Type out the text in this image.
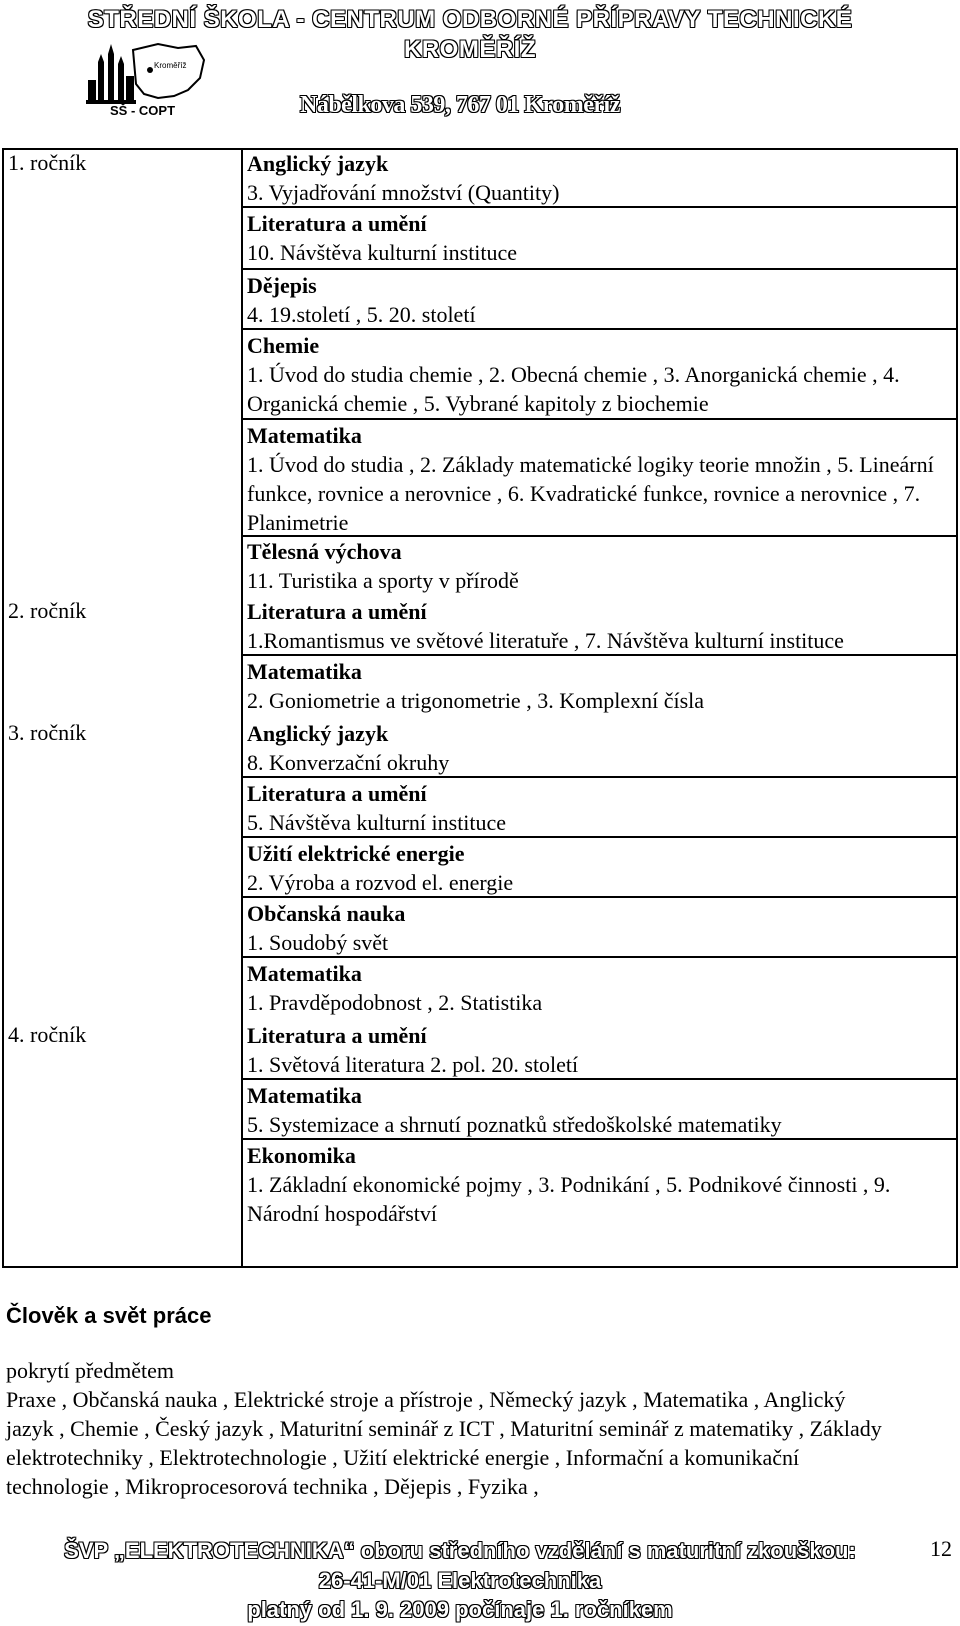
STŘEDNÍ ŠKOLA - CENTRUM ODBORNÉ PŘÍPRAVY TECHNICKÉ
KROMĚŘÍŽ
Kroměříž
SŠ - COPT	Nábělkova 539, 767 01 Kroměříž
1. ročník	Anglický jazyk
3. Vyjadřování množství (Quantity)
Literatura a umění
10. Návštěva kulturní instituce
Dějepis
4. 19.století , 5. 20. století
Chemie
1. Úvod do studia chemie , 2. Obecná chemie , 3. Anorganická chemie , 4. Organická chemie , 5. Vybrané kapitoly z biochemie
Matematika
1. Úvod do studia , 2. Základy matematické logiky teorie množin , 5. Lineární funkce, rovnice a nerovnice , 6. Kvadratické funkce, rovnice a nerovnice , 7. Planimetrie
Tělesná výchova
11. Turistika a sporty v přírodě
2. ročník	Literatura a umění
1.Romantismus ve světové literatuře , 7. Návštěva kulturní instituce
Matematika
2. Goniometrie a trigonometrie , 3. Komplexní čísla
3. ročník	Anglický jazyk
8. Konverzační okruhy
Literatura a umění
5. Návštěva kulturní instituce
Užití elektrické energie
2. Výroba a rozvod el. energie
Občanská nauka
1. Soudobý svět
Matematika
1. Pravděpodobnost , 2. Statistika
4. ročník	Literatura a umění
1. Světová literatura 2. pol. 20. století
Matematika
5. Systemizace a shrnutí poznatků středoškolské matematiky
Ekonomika
1. Základní ekonomické pojmy , 3. Podnikání , 5. Podnikové činnosti , 9. Národní hospodářství
Člověk a svět práce
pokrytí předmětem
Praxe , Občanská nauka , Elektrické stroje a přístroje , Německý jazyk , Matematika , Anglický jazyk , Chemie , Český jazyk , Maturitní seminář z ICT , Maturitní seminář z matematiky , Základy elektrotechniky , Elektrotechnologie , Užití elektrické energie , Informační a komunikační technologie , Mikroprocesorová technika , Dějepis , Fyzika ,
ŠVP „ELEKTROTECHNIKA“ oboru středního vzdělání s maturitní zkouškou:
26-41-M/01 Elektrotechnika
platný od 1. 9. 2009 počínaje 1. ročníkem
12
